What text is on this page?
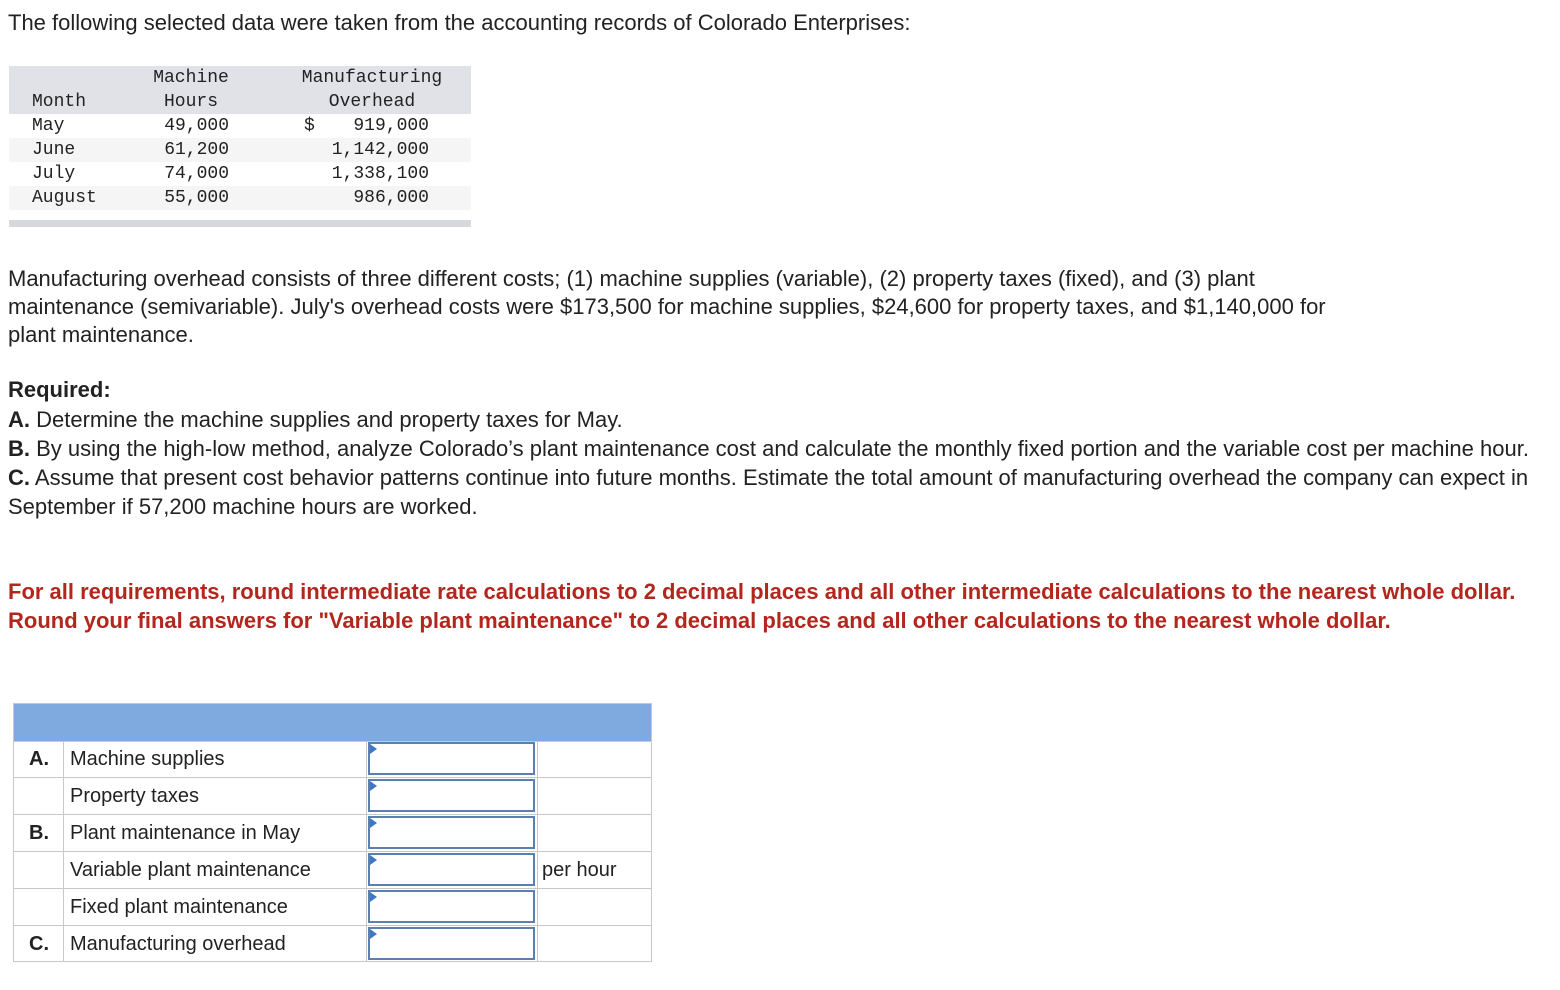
The following selected data were taken from the accounting records of Colorado Enterprises:

Machine	Manufacturing
Month	Hours	Overhead
May	49,000	$	919,000
June	61,200	1,142,000
July	74,000	1,338,100
August	55,000	986,000

Manufacturing overhead consists of three different costs; (1) machine supplies (variable), (2) property taxes (fixed), and (3) plant

maintenance (semivariable). July's overhead costs were $173,500 for machine supplies, $24,600 for property taxes, and $1,140,000 for

plant maintenance.

Required:

A. Determine the machine supplies and property taxes for May.
B. By using the high-low method, analyze Colorado’s plant maintenance cost and calculate the monthly fixed portion and the variable cost per machine hour.
C. Assume that present cost behavior patterns continue into future months. Estimate the total amount of manufacturing overhead the company can expect in September if 57,200 machine hours are worked.

For all requirements, round intermediate rate calculations to 2 decimal places and all other intermediate calculations to the nearest whole dollar. Round your final answers for "Variable plant maintenance" to 2 decimal places and all other calculations to the nearest whole dollar.

A.	Machine supplies
Property taxes
B.	Plant maintenance in May
Variable plant maintenance	per hour
Fixed plant maintenance
C.	Manufacturing overhead
